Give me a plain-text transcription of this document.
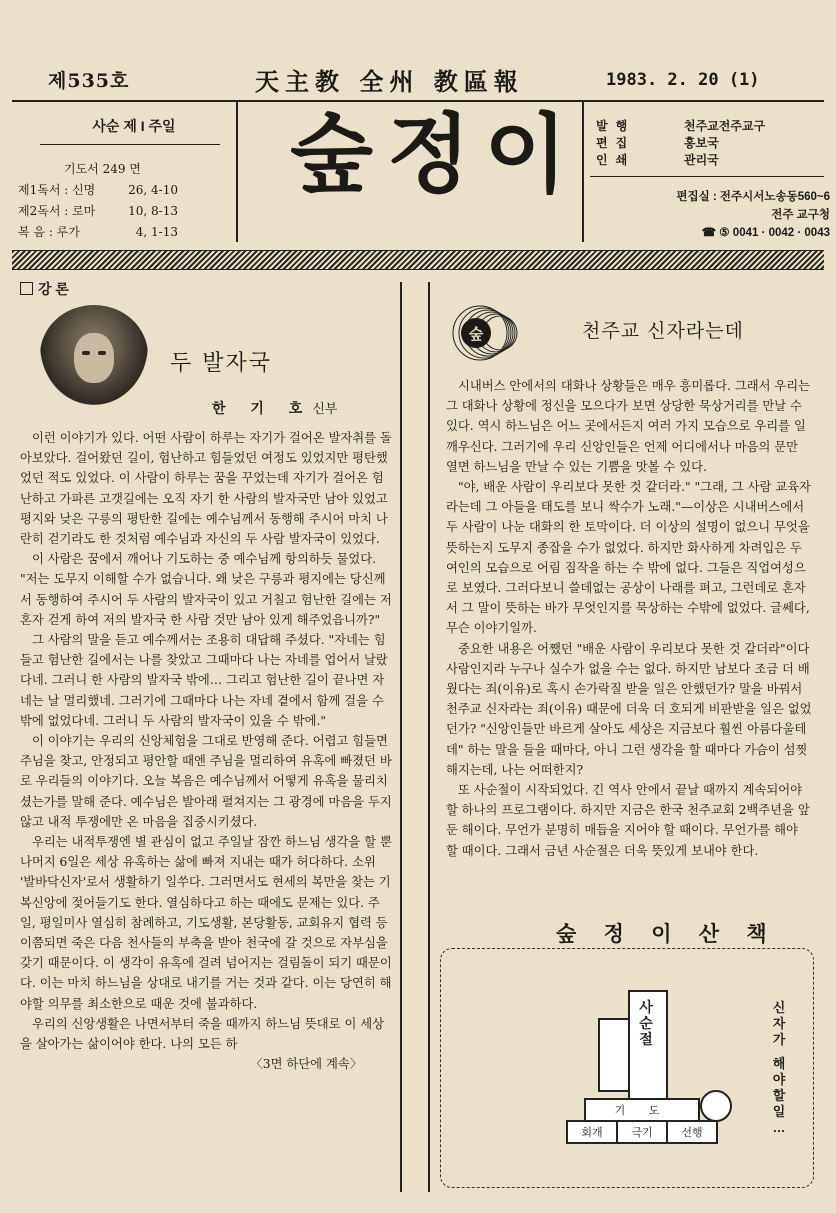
제535호	天主教 全州 教區報	1983. 2. 20 (1)
사순 제 I 주일
기도서 249 면
제1독서 : 신명	26, 4-10
제2독서 : 로마	10, 8-13
복 음 : 루가	4, 1-13
숲정이 발행	천주교전주교구
편집	홍보국
인쇄	관리국
편집실 : 전주시서노송동560~6
전주 교구청
☎ ⑤ 0041 · 0042 · 0043
강 론
두 발자국
한 기 호신부

이런 이야기가 있다. 어떤 사람이 하루는 자기가 걸어온 발자취를 돌아보았다. 걸어왔던 길이, 험난하고 힘들었던 여정도 있었지만 평탄했었던 적도 있었다. 이 사람이 하루는 꿈을 꾸었는데 자기가 걸어온 험난하고 가파른 고갯길에는 오직 자기 한 사람의 발자국만 남아 있었고 평지와 낮은 구릉의 평탄한 길에는 예수님께서 동행해 주시어 마치 나란히 걷기라도 한 것처럼 예수님과 자신의 두 사람 발자국이 있었다.

이 사람은 꿈에서 깨어나 기도하는 중 예수님께 항의하듯 물었다. "저는 도무지 이해할 수가 없습니다. 왜 낮은 구릉과 평지에는 당신께서 동행하여 주시어 두 사람의 발자국이 있고 거칠고 험난한 길에는 저 혼자 걷게 하여 저의 발자국 한 사람 것만 남아 있게 해주었읍니까?"

그 사람의 말을 듣고 예수께서는 조용히 대답해 주셨다. "자네는 힘들고 험난한 길에서는 나를 찾았고 그때마다 나는 자네를 업어서 날랐다네. 그러니 한 사람의 발자국 밖에… 그리고 험난한 길이 끝나면 자네는 날 멀리했네. 그러기에 그때마다 나는 자네 곁에서 함께 걸을 수 밖에 없었다네. 그러니 두 사람의 발자국이 있을 수 밖에."

이 이야기는 우리의 신앙체험을 그대로 반영해 준다. 어렵고 힘들면 주님을 찾고, 안정되고 평안할 때엔 주님을 멀리하여 유혹에 빠졌던 바로 우리들의 이야기다. 오늘 복음은 예수님께서 어떻게 유혹을 물리치셨는가를 말해 준다. 예수님은 발아래 펼쳐지는 그 광경에 마음을 두지 않고 내적 투쟁에만 온 마음을 집중시키셨다.

우리는 내적투쟁엔 별 관심이 없고 주일날 잠깐 하느님 생각을 할 뿐 나머지 6일은 세상 유혹하는 삶에 빠져 지내는 때가 허다하다. 소위 '발바닥신자'로서 생활하기 일쑤다. 그러면서도 현세의 복만을 찾는 기복신앙에 젖어들기도 한다. 열심하다고 하는 때에도 문제는 있다. 주일, 평일미사 열심히 참례하고, 기도생활, 본당활동, 교회유지 협력 등 이쯤되면 죽은 다음 천사들의 부축을 받아 천국에 갈 것으로 자부심을 갖기 때문이다. 이 생각이 유혹에 걸려 넘어지는 걸림돌이 되기 때문이다. 이는 마치 하느님을 상대로 내기를 거는 것과 같다. 이는 당연히 해야할 의무를 최소한으로 때운 것에 불과하다.

우리의 신앙생활은 나면서부터 죽을 때까지 하느님 뜻대로 이 세상을 살아가는 삶이어야 한다. 나의 모든 하

〈3면 하단에 계속〉
숲	천주교 신자라는데

시내버스 안에서의 대화나 상황들은 매우 흥미롭다. 그래서 우리는 그 대화나 상황에 정신을 모으다가 보면 상당한 묵상거리를 만날 수 있다. 역시 하느님은 어느 곳에서든지 여러 가지 모습으로 우리를 일깨우신다. 그러기에 우리 신앙인들은 언제 어디에서나 마음의 문만 열면 하느님을 만날 수 있는 기쁨을 맛볼 수 있다.

"야, 배운 사람이 우리보다 못한 것 같더라." "그래, 그 사람 교육자라는데 그 아들을 태도를 보니 싹수가 노래."—이상은 시내버스에서 두 사람이 나눈 대화의 한 토막이다. 더 이상의 설명이 없으니 무엇을 뜻하는지 도무지 종잡을 수가 없었다. 하지만 화사하게 차려입은 두 여인의 모습으로 어림 짐작을 하는 수 밖에 없다. 그들은 직업여성으로 보였다. 그러다보니 쓸데없는 공상이 나래를 펴고, 그런데로 혼자서 그 말이 뜻하는 바가 무엇인지를 묵상하는 수밖에 없었다. 글쎄다, 무슨 이야기일까.

중요한 내용은 어쨌던 "배운 사람이 우리보다 못한 것 같더라"이다 사람인지라 누구나 실수가 없을 수는 없다. 하지만 남보다 조금 더 배웠다는 죄(이유)로 혹시 손가락질 받을 일은 안했던가? 말을 바꿔서 천주교 신자라는 죄(이유) 때문에 더욱 더 호되게 비판받을 일은 없었던가? "신앙인들만 바르게 살아도 세상은 지금보다 훨씬 아름다울테데" 하는 말을 들을 때마다, 아니 그런 생각을 할 때마다 가슴이 섬찟해지는데, 나는 어떠한지?

또 사순절이 시작되었다. 긴 역사 안에서 끝날 때까지 계속되어야 할 하나의 프로그램이다. 하지만 지금은 한국 천주교회 2백주년을 앞둔 해이다. 무언가 분명히 매듭을 지어야 할 때이다. 무언가를 해야 할 때이다. 그래서 금년 사순절은 더욱 뜻있게 보내야 한다.

숲 정 이 산 책
사
순
절
기 도
회개	극기	선행
신
자
가
해
야
할
일
…
